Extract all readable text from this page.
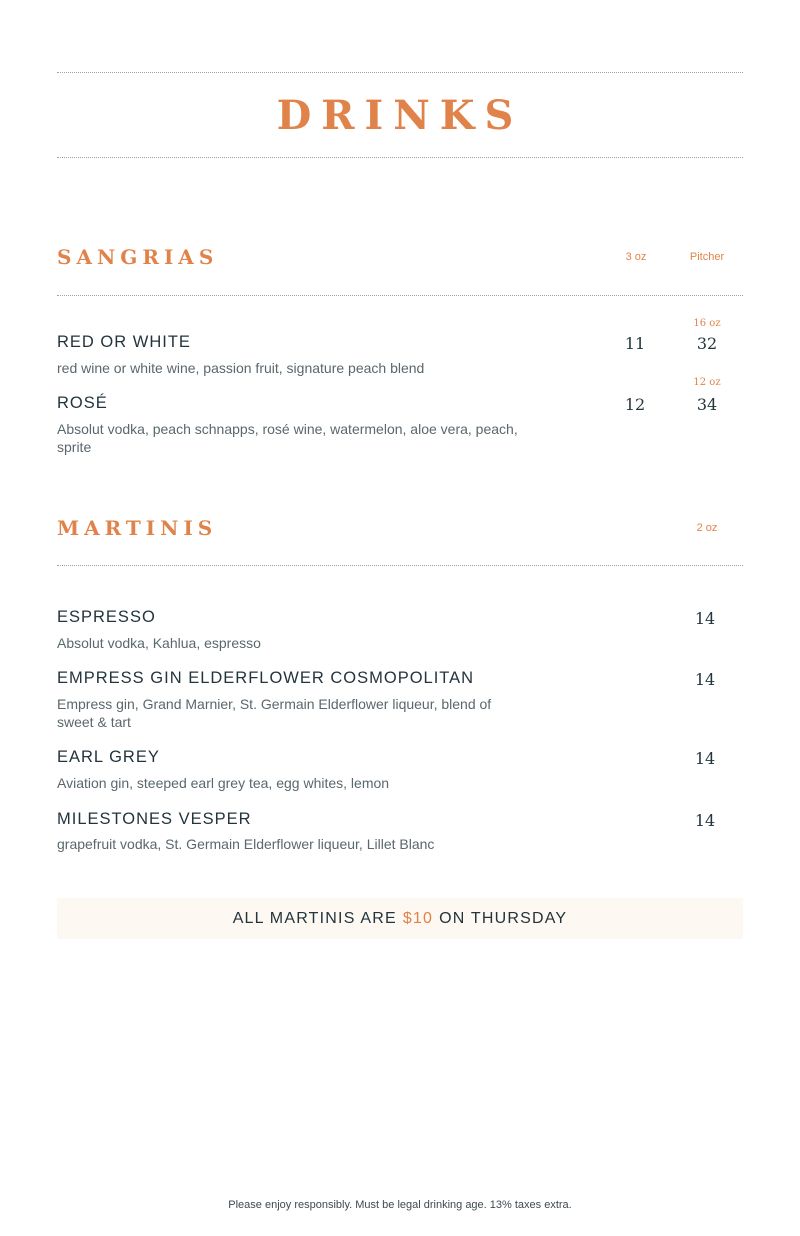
DRINKS
SANGRIAS	3 oz	Pitcher
16 oz
RED OR WHITE	11	32
red wine or white wine, passion fruit, signature peach blend
12 oz
ROSÉ	12	34
Absolut vodka, peach schnapps, rosé wine, watermelon, aloe vera, peach, sprite
MARTINIS	2 oz
ESPRESSO	14
Absolut vodka, Kahlua, espresso
EMPRESS GIN ELDERFLOWER COSMOPOLITAN	14
Empress gin, Grand Marnier, St. Germain Elderflower liqueur, blend of sweet & tart
EARL GREY	14
Aviation gin, steeped earl grey tea, egg whites, lemon
MILESTONES VESPER	14
grapefruit vodka, St. Germain Elderflower liqueur, Lillet Blanc
ALL MARTINIS ARE $10 ON THURSDAY
Please enjoy responsibly. Must be legal drinking age. 13% taxes extra.
